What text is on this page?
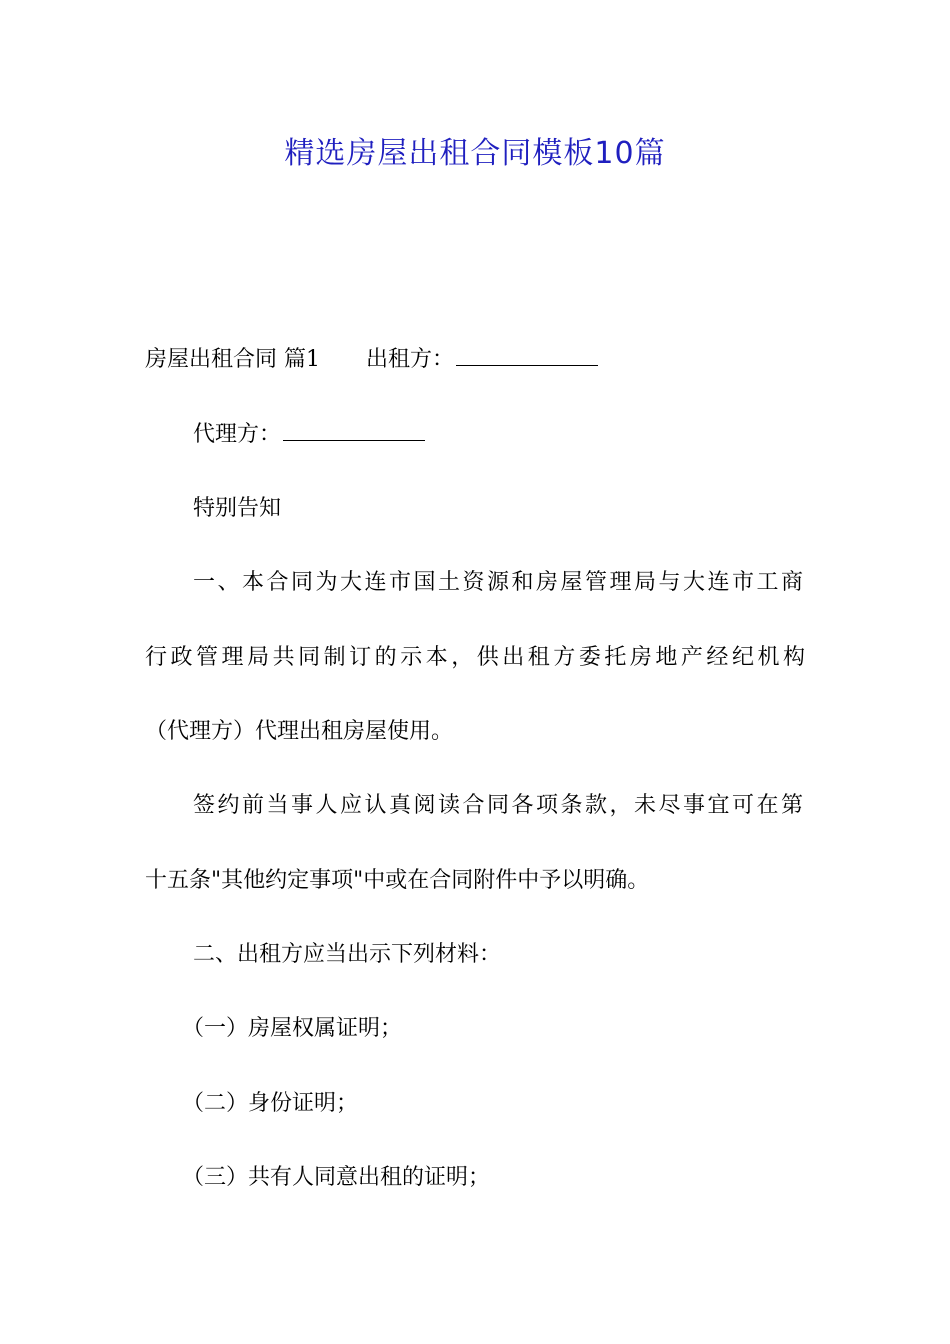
精选房屋出租合同模板10篇
房屋出租合同 篇1 出租方：
代理方：
特别告知
一、本合同为大连市国土资源和房屋管理局与大连市工商
行政管理局共同制订的示本，供出租方委托房地产经纪机构
（代理方）代理出租房屋使用。
签约前当事人应认真阅读合同各项条款，未尽事宜可在第
十五条"其他约定事项"中或在合同附件中予以明确。
二、出租方应当出示下列材料：
（一）房屋权属证明；
（二）身份证明；
（三）共有人同意出租的证明；
